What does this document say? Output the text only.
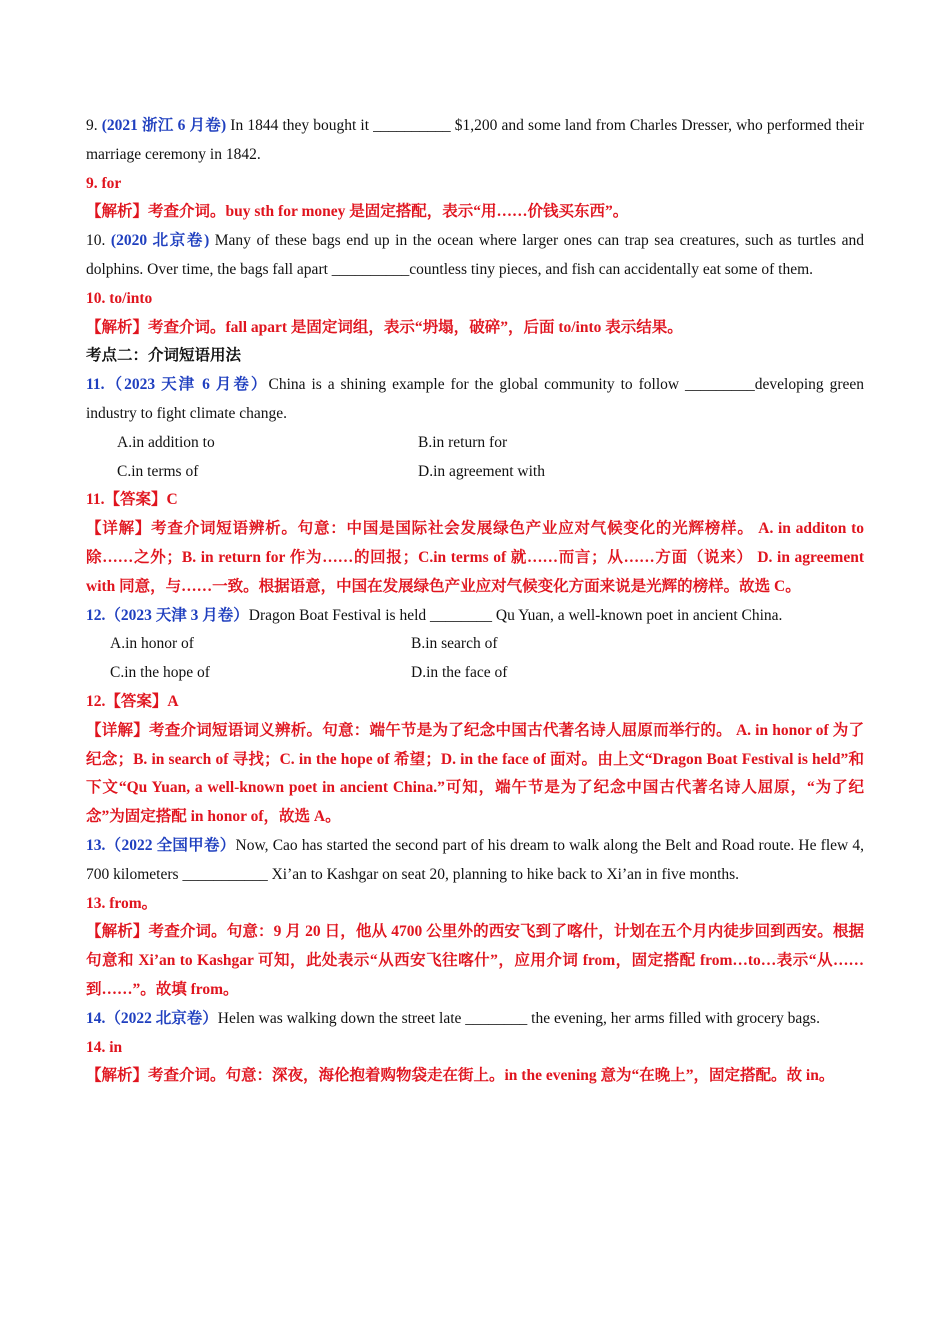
9. (2021 浙江 6 月卷) In 1844 they bought it __________ $1,200 and some land from Charles Dresser, who performed their marriage ceremony in 1842.

9. for

【解析】考查介词。buy sth for money 是固定搭配，表示“用……价钱买东西”。

10. (2020 北京卷) Many of these bags end up in the ocean where larger ones can trap sea creatures, such as turtles and dolphins. Over time, the bags fall apart __________countless tiny pieces, and fish can accidentally eat some of them.

10. to/into

【解析】考查介词。fall apart 是固定词组，表示“坍塌，破碎”，后面 to/into 表示结果。

考点二：介词短语用法

11.（2023 天津 6 月卷）China is a shining example for the global community to follow _________developing green industry to fight climate change.

A.in addition to	B.in return for
C.in terms of	D.in agreement with

11.【答案】C

【详解】考查介词短语辨析。句意：中国是国际社会发展绿色产业应对气候变化的光辉榜样。 A. in additon to 除……之外；B. in return for 作为……的回报；C.in terms of 就……而言；从……方面（说来） D. in agreement with 同意，与……一致。根据语意，中国在发展绿色产业应对气候变化方面来说是光辉的榜样。故选 C。

12.（2023 天津 3 月卷）Dragon Boat Festival is held ________ Qu Yuan, a well-known poet in ancient China.

A.in honor of	B.in search of
C.in the hope of	D.in the face of

12.【答案】A

【详解】考查介词短语词义辨析。句意：端午节是为了纪念中国古代著名诗人屈原而举行的。 A. in honor of 为了纪念；B. in search of 寻找；C. in the hope of 希望；D. in the face of 面对。由上文“Dragon Boat Festival is held”和下文“Qu Yuan, a well-known poet in ancient China.”可知，端午节是为了纪念中国古代著名诗人屈原，“为了纪念”为固定搭配 in honor of，故选 A。

13.（2022 全国甲卷）Now, Cao has started the second part of his dream to walk along the Belt and Road route. He flew 4, 700 kilometers ___________ Xi’an to Kashgar on seat 20, planning to hike back to Xi’an in five months.

13. from。

【解析】考查介词。句意：9 月 20 日，他从 4700 公里外的西安飞到了喀什，计划在五个月内徒步回到西安。根据句意和 Xi’an to Kashgar 可知，此处表示“从西安飞往喀什”，应用介词 from，固定搭配 from…to…表示“从……到……”。故填 from。

14.（2022 北京卷）Helen was walking down the street late ________ the evening, her arms filled with grocery bags.

14. in

【解析】考查介词。句意：深夜，海伦抱着购物袋走在街上。in the evening 意为“在晚上”，固定搭配。故 in。
